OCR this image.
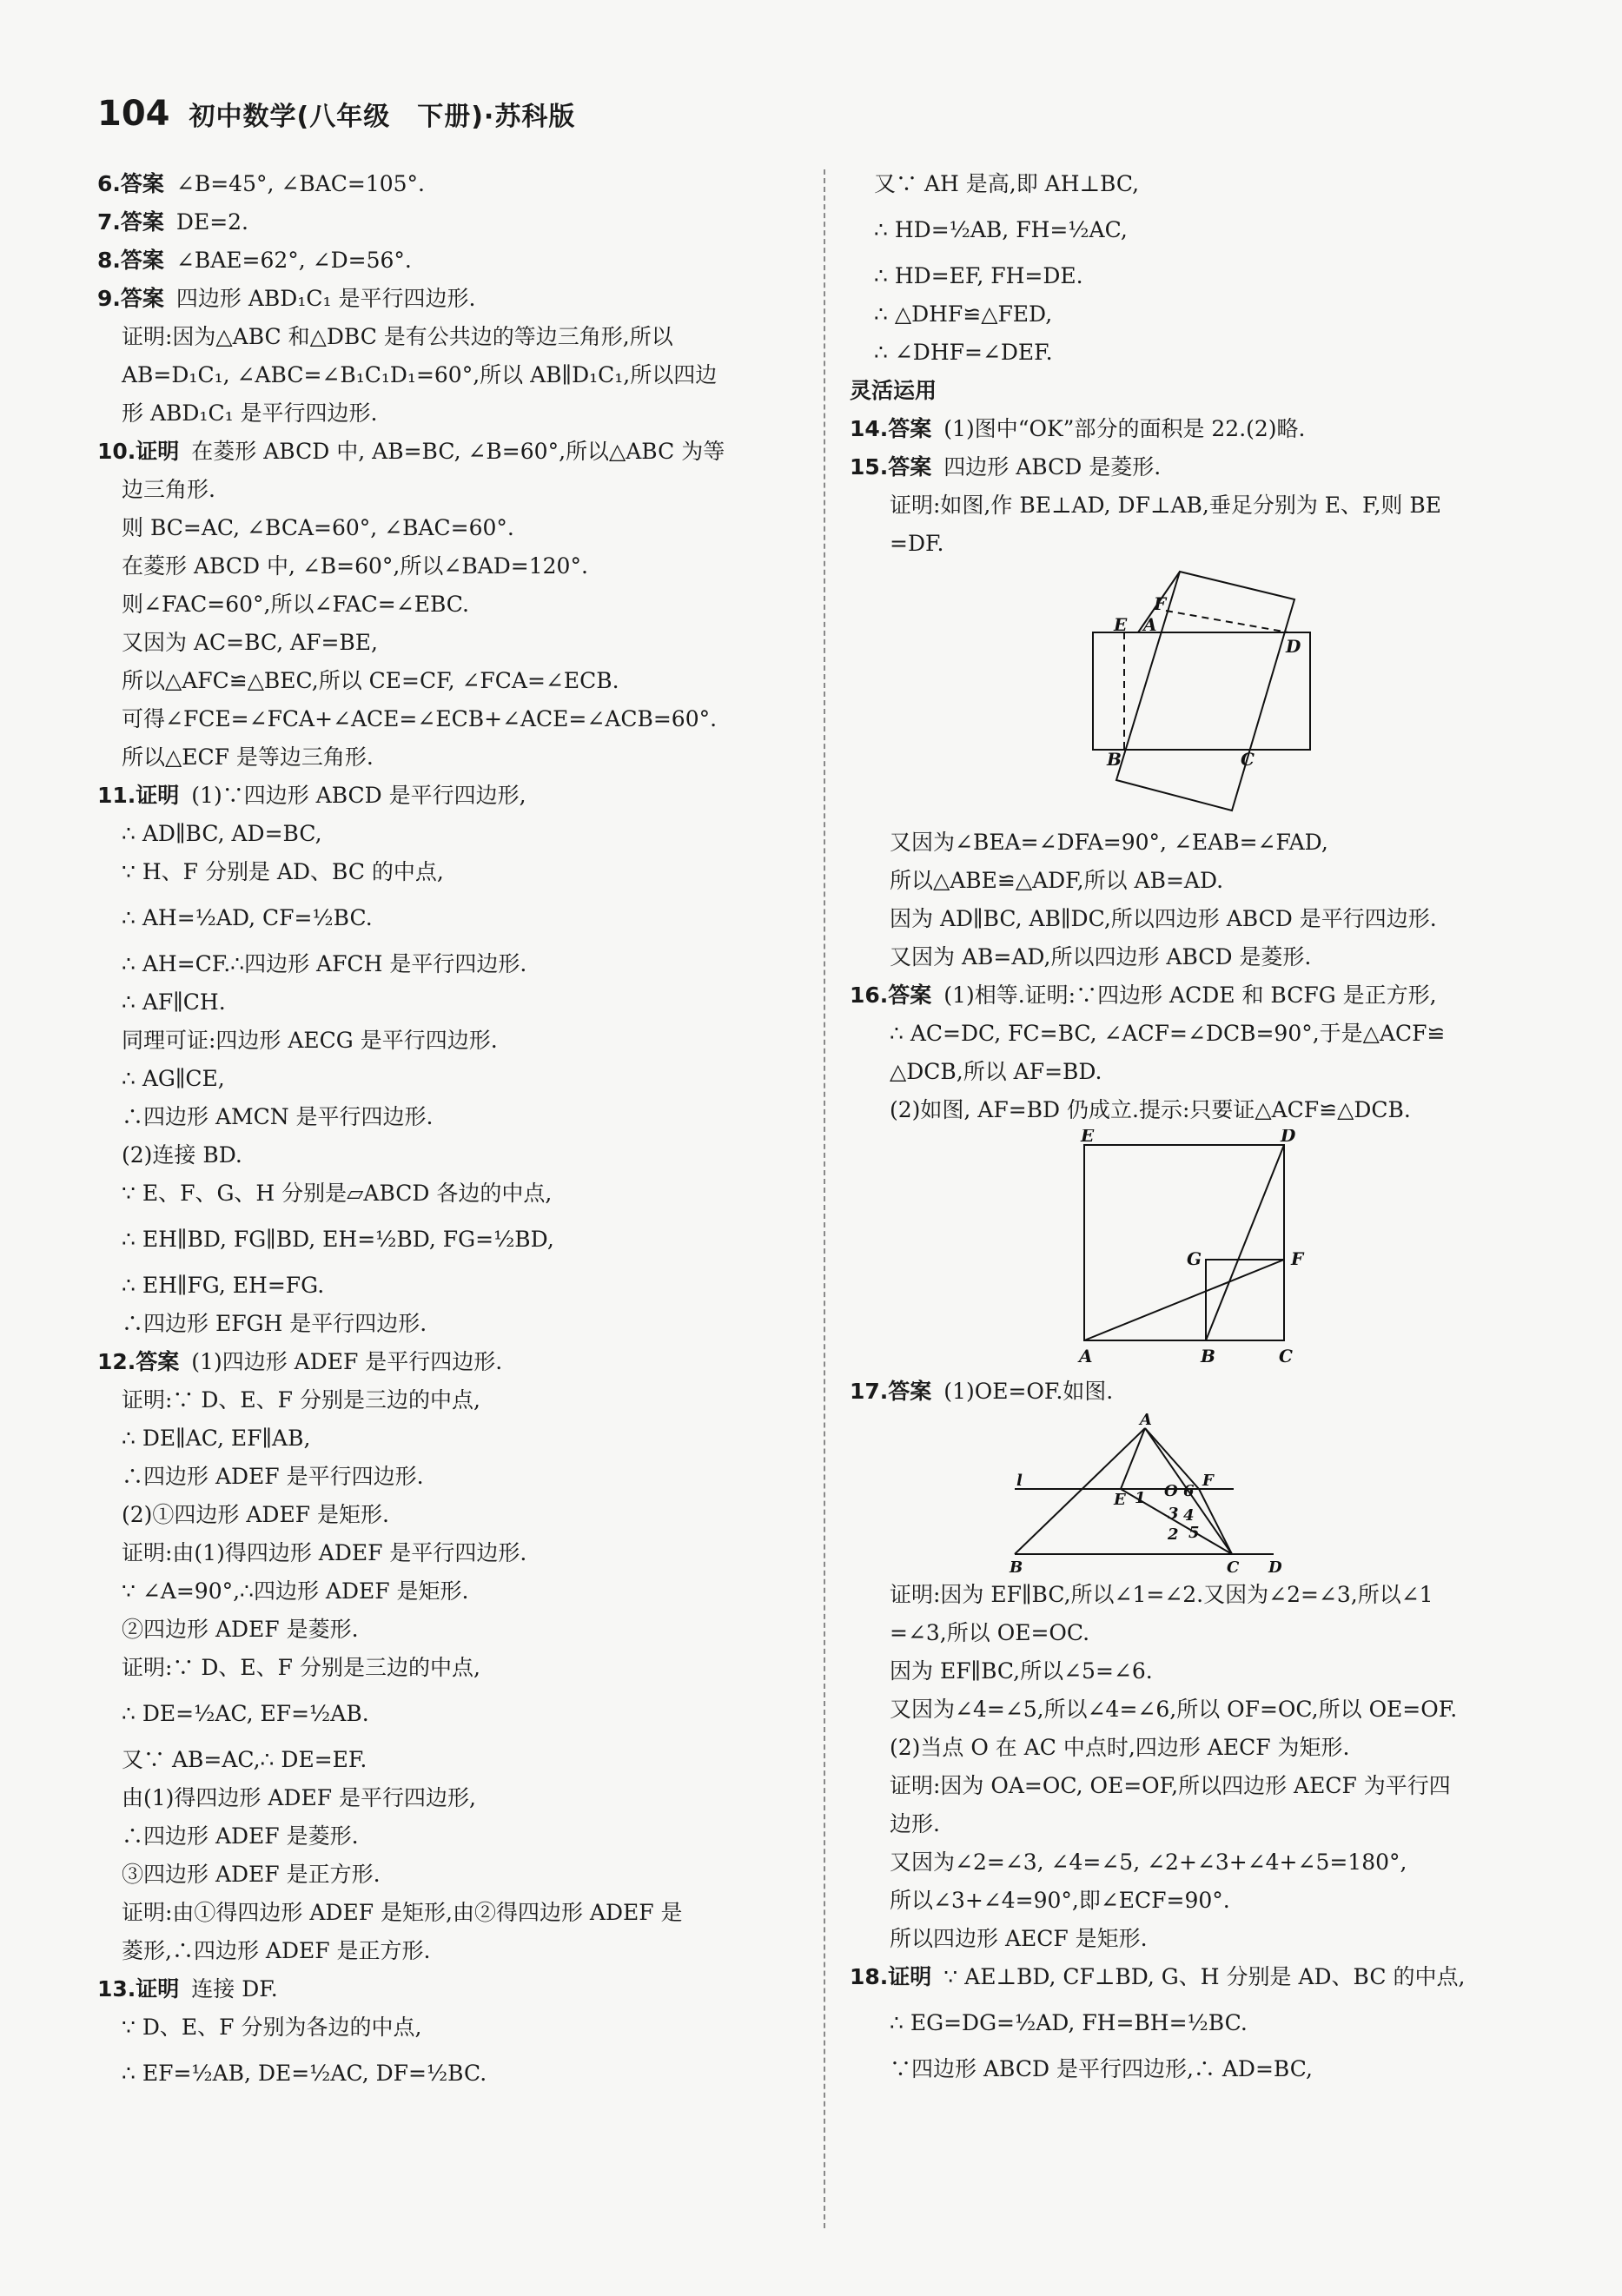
104 初中数学(八年级　下册)·苏科版
6.答案 ∠B=45°, ∠BAC=105°.
7.答案 DE=2.
8.答案 ∠BAE=62°, ∠D=56°.
9.答案 四边形 ABD₁C₁ 是平行四边形.
证明:因为△ABC 和△DBC 是有公共边的等边三角形,所以
AB=D₁C₁, ∠ABC=∠B₁C₁D₁=60°,所以 AB∥D₁C₁,所以四边
形 ABD₁C₁ 是平行四边形.
10.证明 在菱形 ABCD 中, AB=BC, ∠B=60°,所以△ABC 为等
边三角形.
则 BC=AC, ∠BCA=60°, ∠BAC=60°.
在菱形 ABCD 中, ∠B=60°,所以∠BAD=120°.
则∠FAC=60°,所以∠FAC=∠EBC.
又因为 AC=BC, AF=BE,
所以△AFC≌△BEC,所以 CE=CF, ∠FCA=∠ECB.
可得∠FCE=∠FCA+∠ACE=∠ECB+∠ACE=∠ACB=60°.
所以△ECF 是等边三角形.
11.证明 (1)∵四边形 ABCD 是平行四边形,
∴ AD∥BC, AD=BC,
∵ H、F 分别是 AD、BC 的中点,
∴ AH=½AD, CF=½BC.
∴ AH=CF.∴四边形 AFCH 是平行四边形.
∴ AF∥CH.
同理可证:四边形 AECG 是平行四边形.
∴ AG∥CE,
∴四边形 AMCN 是平行四边形.
(2)连接 BD.
∵ E、F、G、H 分别是▱ABCD 各边的中点,
∴ EH∥BD, FG∥BD, EH=½BD, FG=½BD,
∴ EH∥FG, EH=FG.
∴四边形 EFGH 是平行四边形.
12.答案 (1)四边形 ADEF 是平行四边形.
证明:∵ D、E、F 分别是三边的中点,
∴ DE∥AC, EF∥AB,
∴四边形 ADEF 是平行四边形.
(2)①四边形 ADEF 是矩形.
证明:由(1)得四边形 ADEF 是平行四边形.
∵ ∠A=90°,∴四边形 ADEF 是矩形.
②四边形 ADEF 是菱形.
证明:∵ D、E、F 分别是三边的中点,
∴ DE=½AC, EF=½AB.
又∵ AB=AC,∴ DE=EF.
由(1)得四边形 ADEF 是平行四边形,
∴四边形 ADEF 是菱形.
③四边形 ADEF 是正方形.
证明:由①得四边形 ADEF 是矩形,由②得四边形 ADEF 是
菱形,∴四边形 ADEF 是正方形.
13.证明 连接 DF.
∵ D、E、F 分别为各边的中点,
∴ EF=½AB, DE=½AC, DF=½BC.
又∵ AH 是高,即 AH⊥BC,
∴ HD=½AB, FH=½AC,
∴ HD=EF, FH=DE.
∴ △DHF≌△FED,
∴ ∠DHF=∠DEF.
灵活运用
14.答案 (1)图中“OK”部分的面积是 22.(2)略.
15.答案 四边形 ABCD 是菱形.
证明:如图,作 BE⊥AD, DF⊥AB,垂足分别为 E、F,则 BE
=DF.
F
E A
D
B	C
又因为∠BEA=∠DFA=90°, ∠EAB=∠FAD,
所以△ABE≌△ADF,所以 AB=AD.
因为 AD∥BC, AB∥DC,所以四边形 ABCD 是平行四边形.
又因为 AB=AD,所以四边形 ABCD 是菱形.
16.答案 (1)相等.证明:∵四边形 ACDE 和 BCFG 是正方形,
∴ AC=DC, FC=BC, ∠ACF=∠DCB=90°,于是△ACF≌
△DCB,所以 AF=BD.
(2)如图, AF=BD 仍成立.提示:只要证△ACF≌△DCB.
E	D
G	F
A	B	C
17.答案 (1)OE=OF.如图.
A
l
E 1 O 6
F
3 4
2 5
B	C D
证明:因为 EF∥BC,所以∠1=∠2.又因为∠2=∠3,所以∠1
=∠3,所以 OE=OC.
因为 EF∥BC,所以∠5=∠6.
又因为∠4=∠5,所以∠4=∠6,所以 OF=OC,所以 OE=OF.
(2)当点 O 在 AC 中点时,四边形 AECF 为矩形.
证明:因为 OA=OC, OE=OF,所以四边形 AECF 为平行四
边形.
又因为∠2=∠3, ∠4=∠5, ∠2+∠3+∠4+∠5=180°,
所以∠3+∠4=90°,即∠ECF=90°.
所以四边形 AECF 是矩形.
18.证明 ∵ AE⊥BD, CF⊥BD, G、H 分别是 AD、BC 的中点,
∴ EG=DG=½AD, FH=BH=½BC.
∵四边形 ABCD 是平行四边形,∴ AD=BC,
